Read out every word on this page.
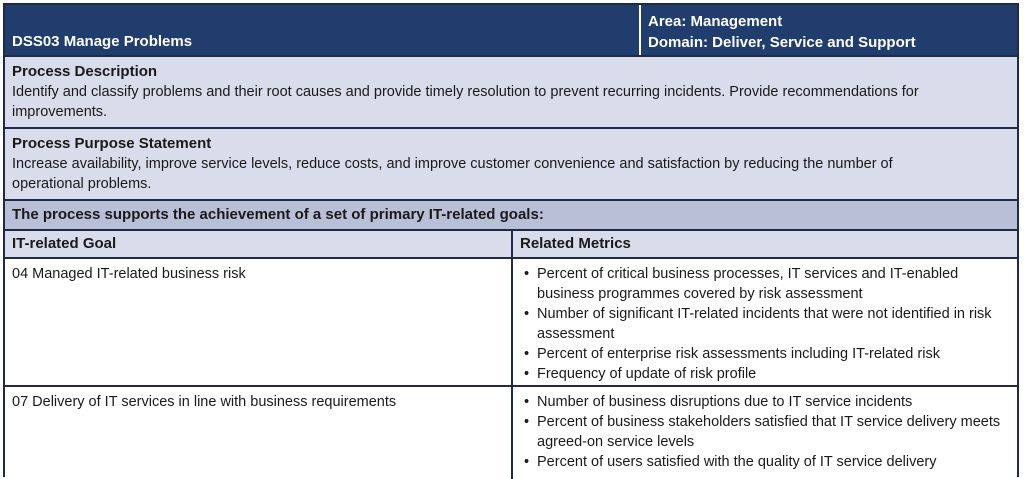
DSS03 Manage Problems
Area: Management
Domain: Deliver, Service and Support
Process Description
Identify and classify problems and their root causes and provide timely resolution to prevent recurring incidents. Provide recommendations for improvements.
Process Purpose Statement
Increase availability, improve service levels, reduce costs, and improve customer convenience and satisfaction by reducing the number of operational problems.
The process supports the achievement of a set of primary IT-related goals:
IT-related Goal	Related Metrics
04 Managed IT-related business risk	• Percent of critical business processes, IT services and IT-enabled business programmes covered by risk assessment
• Number of significant IT-related incidents that were not identified in risk assessment
• Percent of enterprise risk assessments including IT-related risk
• Frequency of update of risk profile
07 Delivery of IT services in line with business requirements	• Number of business disruptions due to IT service incidents
• Percent of business stakeholders satisfied that IT service delivery meets agreed-on service levels
• Percent of users satisfied with the quality of IT service delivery
